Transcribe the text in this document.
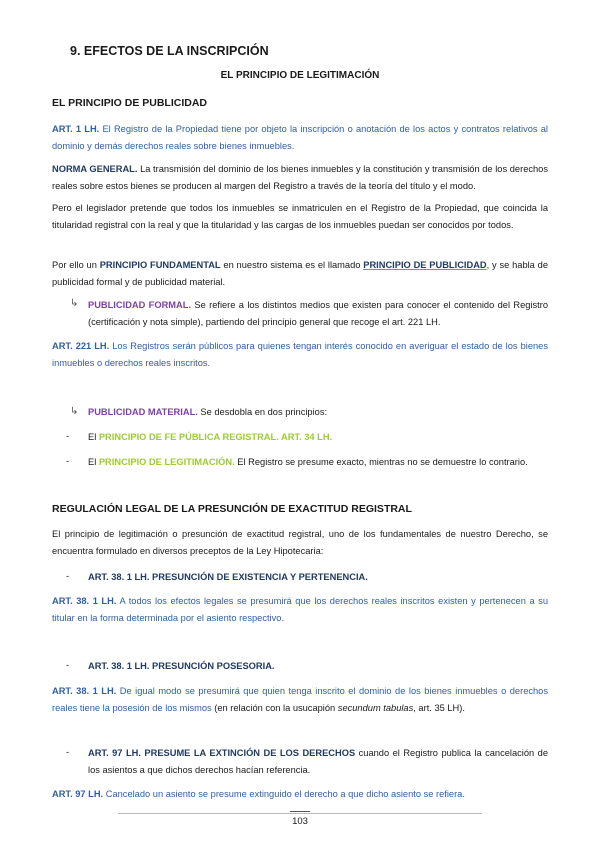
9. EFECTOS DE LA INSCRIPCIÓN
EL PRINCIPIO DE LEGITIMACIÓN
EL PRINCIPIO DE PUBLICIDAD

ART. 1 LH. El Registro de la Propiedad tiene por objeto la inscripción o anotación de los actos y contratos relativos al dominio y demás derechos reales sobre bienes inmuebles.

NORMA GENERAL. La transmisión del dominio de los bienes inmuebles y la constitución y transmisión de los derechos reales sobre estos bienes se producen al margen del Registro a través de la teoría del título y el modo.

Pero el legislador pretende que todos los inmuebles se inmatriculen en el Registro de la Propiedad, que coincida la titularidad registral con la real y que la titularidad y las cargas de los inmuebles puedan ser conocidos por todos.

Por ello un PRINCIPIO FUNDAMENTAL en nuestro sistema es el llamado PRINCIPIO DE PUBLICIDAD, y se habla de publicidad formal y de publicidad material.

↳ PUBLICIDAD FORMAL. Se refiere a los distintos medios que existen para conocer el contenido del Registro (certificación y nota simple), partiendo del principio general que recoge el art. 221 LH.

ART. 221 LH. Los Registros serán públicos para quienes tengan interés conocido en averiguar el estado de los bienes inmuebles o derechos reales inscritos.

↳ PUBLICIDAD MATERIAL. Se desdobla en dos principios:

- El PRINCIPIO DE FE PÚBLICA REGISTRAL. ART. 34 LH.

- El PRINCIPIO DE LEGITIMACIÓN. El Registro se presume exacto, mientras no se demuestre lo contrario.

REGULACIÓN LEGAL DE LA PRESUNCIÓN DE EXACTITUD REGISTRAL

El principio de legitimación o presunción de exactitud registral, uno de los fundamentales de nuestro Derecho, se encuentra formulado en diversos preceptos de la Ley Hipotecaria:

- ART. 38. 1 LH. PRESUNCIÓN DE EXISTENCIA Y PERTENENCIA.

ART. 38. 1 LH. A todos los efectos legales se presumirá que los derechos reales inscritos existen y pertenecen a su titular en la forma determinada por el asiento respectivo.

- ART. 38. 1 LH. PRESUNCIÓN POSESORIA.

ART. 38. 1 LH. De igual modo se presumirá que quien tenga inscrito el dominio de los bienes inmuebles o derechos reales tiene la posesión de los mismos (en relación con la usucapión secundum tabulas, art. 35 LH).

- ART. 97 LH. PRESUME LA EXTINCIÓN DE LOS DERECHOS cuando el Registro publica la cancelación de los asientos a que dichos derechos hacían referencia.

ART. 97 LH. Cancelado un asiento se presume extinguido el derecho a que dicho asiento se refiera.

103
